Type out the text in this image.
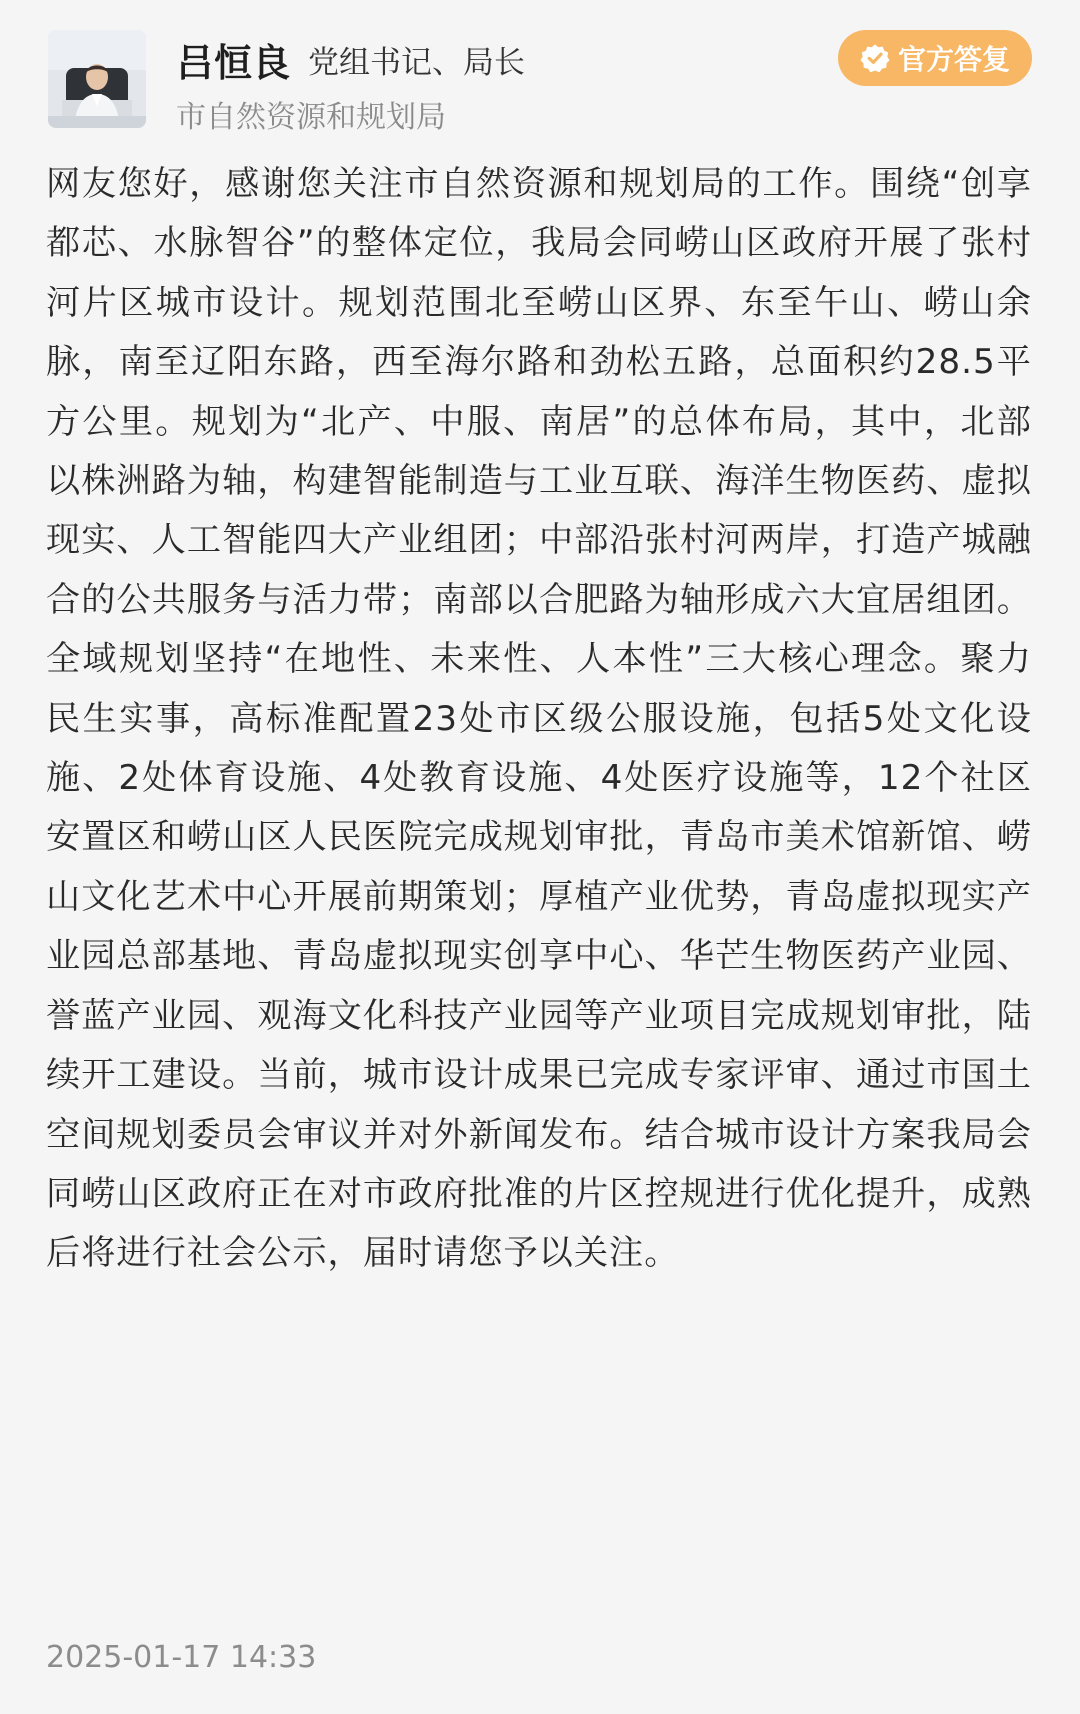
吕恒良 党组书记、局长
市自然资源和规划局
官方答复

网友您好，感谢您关注市自然资源和规划局的工作。围绕“创享都芯、水脉智谷”的整体定位，我局会同崂山区政府开展了张村河片区城市设计。规划范围北至崂山区界、东至午山、崂山余脉，南至辽阳东路，西至海尔路和劲松五路，总面积约28.5平方公里。规划为“北产、中服、南居”的总体布局，其中，北部以株洲路为轴，构建智能制造与工业互联、海洋生物医药、虚拟现实、人工智能四大产业组团；中部沿张村河两岸，打造产城融合的公共服务与活力带；南部以合肥路为轴形成六大宜居组团。全域规划坚持“在地性、未来性、人本性”三大核心理念。聚力民生实事，高标准配置23处市区级公服设施，包括5处文化设施、2处体育设施、4处教育设施、4处医疗设施等，12个社区安置区和崂山区人民医院完成规划审批，青岛市美术馆新馆、崂山文化艺术中心开展前期策划；厚植产业优势，青岛虚拟现实产业园总部基地、青岛虚拟现实创享中心、华芒生物医药产业园、誉蓝产业园、观海文化科技产业园等产业项目完成规划审批，陆续开工建设。当前，城市设计成果已完成专家评审、通过市国土空间规划委员会审议并对外新闻发布。结合城市设计方案我局会同崂山区政府正在对市政府批准的片区控规进行优化提升，成熟后将进行社会公示，届时请您予以关注。

2025-01-17 14:33
